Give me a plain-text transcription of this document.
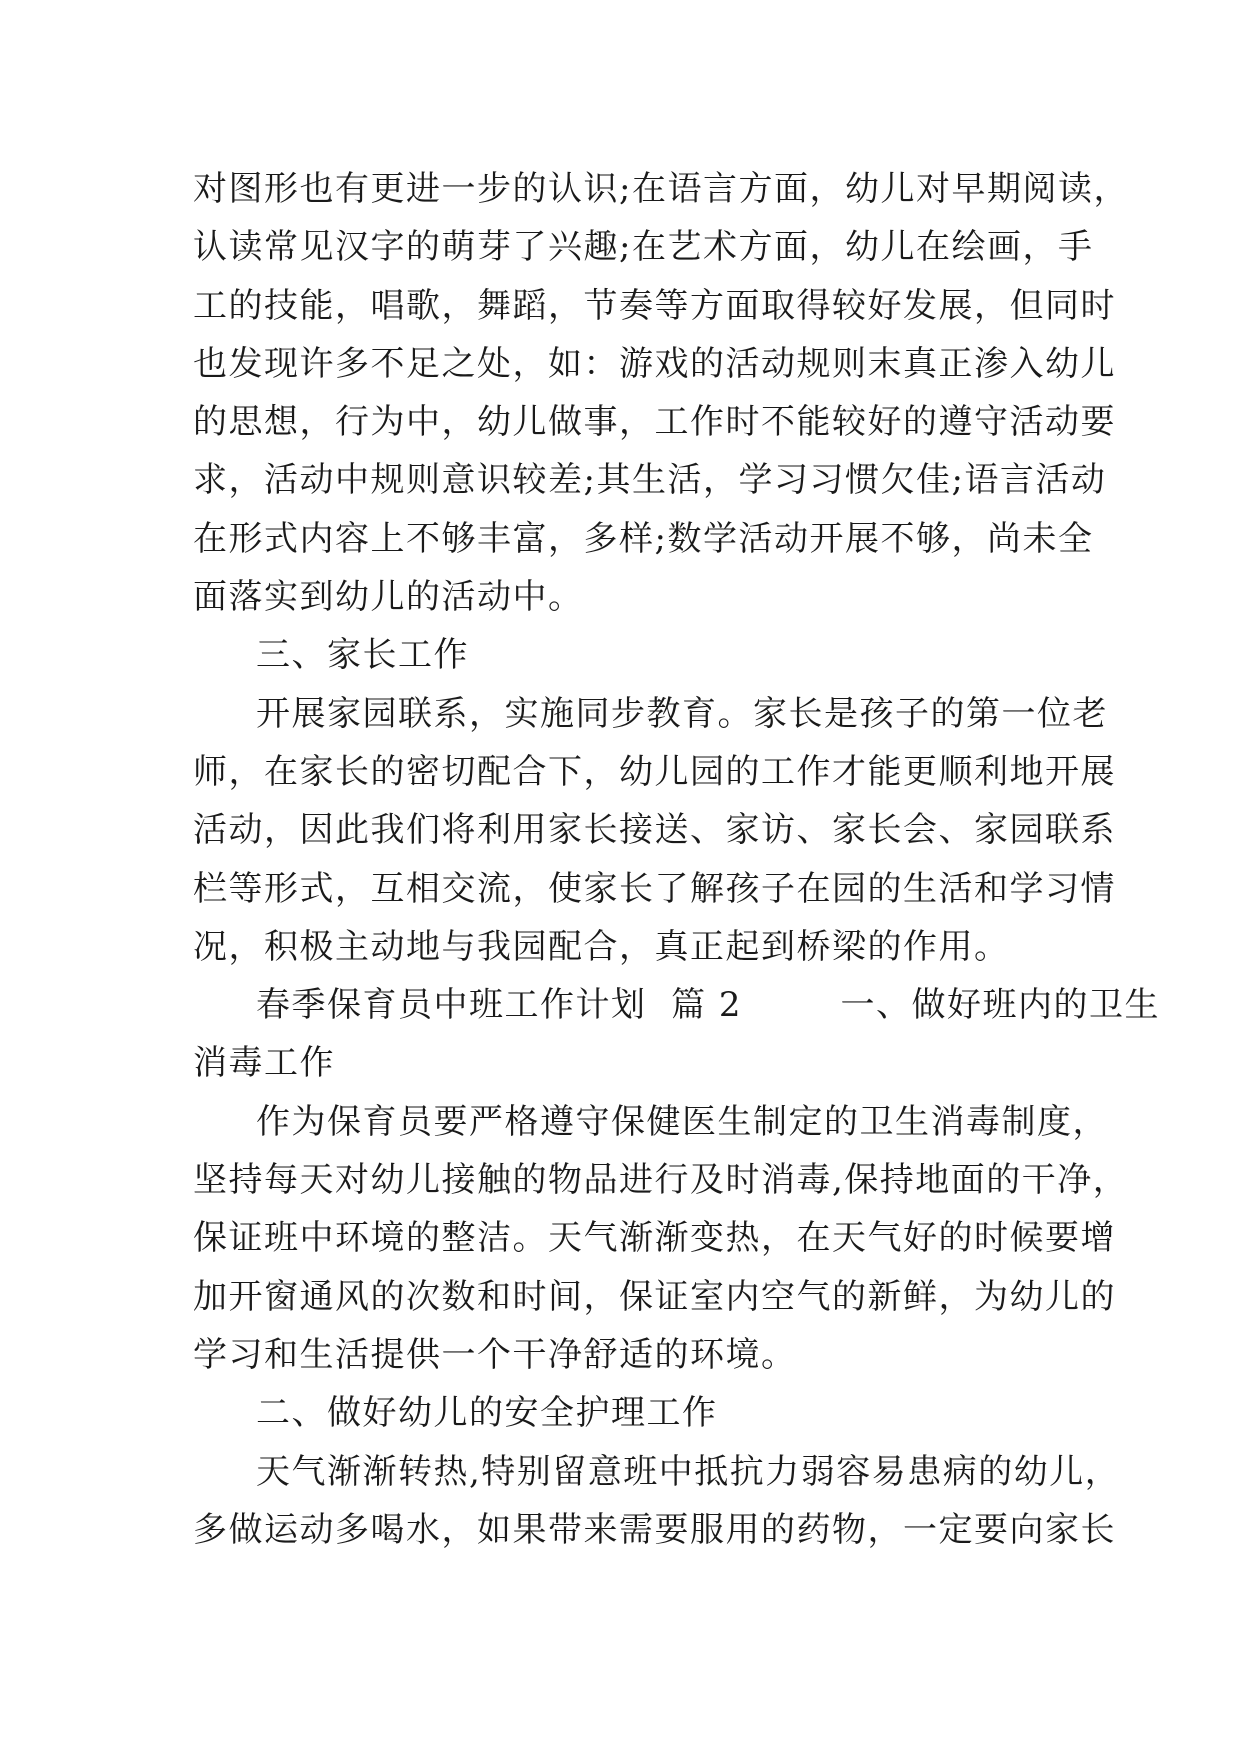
对图形也有更进一步的认识;在语言方面，幼儿对早期阅读，
认读常见汉字的萌芽了兴趣;在艺术方面，幼儿在绘画，手
工的技能，唱歌，舞蹈，节奏等方面取得较好发展，但同时
也发现许多不足之处，如：游戏的活动规则末真正渗入幼儿
的思想，行为中，幼儿做事，工作时不能较好的遵守活动要
求，活动中规则意识较差;其生活，学习习惯欠佳;语言活动
在形式内容上不够丰富，多样;数学活动开展不够，尚未全
面落实到幼儿的活动中。
三、家长工作
开展家园联系，实施同步教育。家长是孩子的第一位老
师，在家长的密切配合下，幼儿园的工作才能更顺利地开展
活动，因此我们将利用家长接送、家访、家长会、家园联系
栏等形式，互相交流，使家长了解孩子在园的生活和学习情
况，积极主动地与我园配合，真正起到桥梁的作用。
春季保育员中班工作计划  篇 2        一、做好班内的卫生
消毒工作
作为保育员要严格遵守保健医生制定的卫生消毒制度，
坚持每天对幼儿接触的物品进行及时消毒,保持地面的干净，
保证班中环境的整洁。天气渐渐变热，在天气好的时候要增
加开窗通风的次数和时间，保证室内空气的新鲜，为幼儿的
学习和生活提供一个干净舒适的环境。
二、做好幼儿的安全护理工作
天气渐渐转热,特别留意班中抵抗力弱容易患病的幼儿，
多做运动多喝水，如果带来需要服用的药物，一定要向家长
